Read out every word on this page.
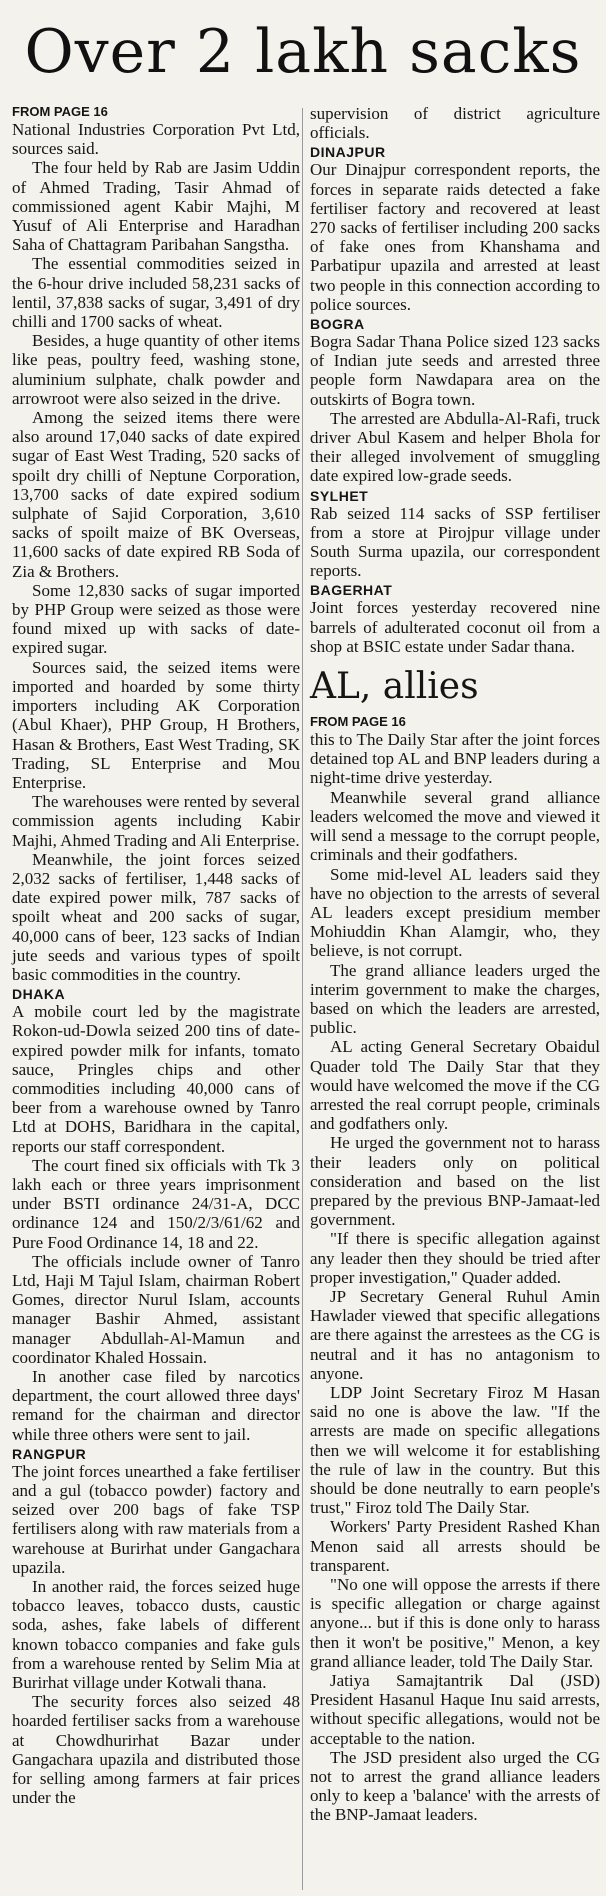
Over 2 lakh sacks
FROM PAGE 16

National Industries Corporation Pvt Ltd, sources said.

The four held by Rab are Jasim Uddin of Ahmed Trading, Tasir Ahmad of commissioned agent Kabir Majhi, M Yusuf of Ali Enterprise and Haradhan Saha of Chattagram Paribahan Sangstha.

The essential commodities seized in the 6-hour drive included 58,231 sacks of lentil, 37,838 sacks of sugar, 3,491 of dry chilli and 1700 sacks of wheat.

Besides, a huge quantity of other items like peas, poultry feed, washing stone, aluminium sulphate, chalk powder and arrowroot were also seized in the drive.

Among the seized items there were also around 17,040 sacks of date expired sugar of East West Trading, 520 sacks of spoilt dry chilli of Neptune Corporation, 13,700 sacks of date expired sodium sulphate of Sajid Corporation, 3,610 sacks of spoilt maize of BK Overseas, 11,600 sacks of date expired RB Soda of Zia & Brothers.

Some 12,830 sacks of sugar imported by PHP Group were seized as those were found mixed up with sacks of date-expired sugar.

Sources said, the seized items were imported and hoarded by some thirty importers including AK Corporation (Abul Khaer), PHP Group, H Brothers, Hasan & Brothers, East West Trading, SK Trading, SL Enterprise and Mou Enterprise.

The warehouses were rented by several commission agents including Kabir Majhi, Ahmed Trading and Ali Enterprise.

Meanwhile, the joint forces seized 2,032 sacks of fertiliser, 1,448 sacks of date expired power milk, 787 sacks of spoilt wheat and 200 sacks of sugar, 40,000 cans of beer, 123 sacks of Indian jute seeds and various types of spoilt basic commodities in the country.

DHAKA

A mobile court led by the magistrate Rokon-ud-Dowla seized 200 tins of date-expired powder milk for infants, tomato sauce, Pringles chips and other commodities including 40,000 cans of beer from a warehouse owned by Tanro Ltd at DOHS, Baridhara in the capital, reports our staff correspondent.

The court fined six officials with Tk 3 lakh each or three years imprisonment under BSTI ordinance 24/31-A, DCC ordinance 124 and 150/2/3/61/62 and Pure Food Ordinance 14, 18 and 22.

The officials include owner of Tanro Ltd, Haji M Tajul Islam, chairman Robert Gomes, director Nurul Islam, accounts manager Bashir Ahmed, assistant manager Abdullah-Al-Mamun and coordinator Khaled Hossain.

In another case filed by narcotics department, the court allowed three days' remand for the chairman and director while three others were sent to jail.

RANGPUR

The joint forces unearthed a fake fertiliser and a gul (tobacco powder) factory and seized over 200 bags of fake TSP fertilisers along with raw materials from a warehouse at Burirhat under Gangachara upazila.

In another raid, the forces seized huge tobacco leaves, tobacco dusts, caustic soda, ashes, fake labels of different known tobacco companies and fake guls from a warehouse rented by Selim Mia at Burirhat village under Kotwali thana.

The security forces also seized 48 hoarded fertiliser sacks from a warehouse at Chowdhurirhat Bazar under Gangachara upazila and distributed those for selling among farmers at fair prices under the

supervision of district agriculture officials.

DINAJPUR

Our Dinajpur correspondent reports, the forces in separate raids detected a fake fertiliser factory and recovered at least 270 sacks of fertiliser including 200 sacks of fake ones from Khanshama and Parbatipur upazila and arrested at least two people in this connection according to police sources.

BOGRA

Bogra Sadar Thana Police sized 123 sacks of Indian jute seeds and arrested three people form Nawdapara area on the outskirts of Bogra town.

The arrested are Abdulla-Al-Rafi, truck driver Abul Kasem and helper Bhola for their alleged involvement of smuggling date expired low-grade seeds.

SYLHET

Rab seized 114 sacks of SSP fertiliser from a store at Pirojpur village under South Surma upazila, our correspondent reports.

BAGERHAT

Joint forces yesterday recovered nine barrels of adulterated coconut oil from a shop at BSIC estate under Sadar thana.

AL, allies
FROM PAGE 16

this to The Daily Star after the joint forces detained top AL and BNP leaders during a night-time drive yesterday.

Meanwhile several grand alliance leaders welcomed the move and viewed it will send a message to the corrupt people, criminals and their godfathers.

Some mid-level AL leaders said they have no objection to the arrests of several AL leaders except presidium member Mohiuddin Khan Alamgir, who, they believe, is not corrupt.

The grand alliance leaders urged the interim government to make the charges, based on which the leaders are arrested, public.

AL acting General Secretary Obaidul Quader told The Daily Star that they would have welcomed the move if the CG arrested the real corrupt people, criminals and godfathers only.

He urged the government not to harass their leaders only on political consideration and based on the list prepared by the previous BNP-Jamaat-led government.

"If there is specific allegation against any leader then they should be tried after proper investigation," Quader added.

JP Secretary General Ruhul Amin Hawlader viewed that specific allegations are there against the arrestees as the CG is neutral and it has no antagonism to anyone.

LDP Joint Secretary Firoz M Hasan said no one is above the law. "If the arrests are made on specific allegations then we will welcome it for establishing the rule of law in the country. But this should be done neutrally to earn people's trust," Firoz told The Daily Star.

Workers' Party President Rashed Khan Menon said all arrests should be transparent.

"No one will oppose the arrests if there is specific allegation or charge against anyone... but if this is done only to harass then it won't be positive," Menon, a key grand alliance leader, told The Daily Star.

Jatiya Samajtantrik Dal (JSD) President Hasanul Haque Inu said arrests, without specific allegations, would not be acceptable to the nation.

The JSD president also urged the CG not to arrest the grand alliance leaders only to keep a 'balance' with the arrests of the BNP-Jamaat leaders.
